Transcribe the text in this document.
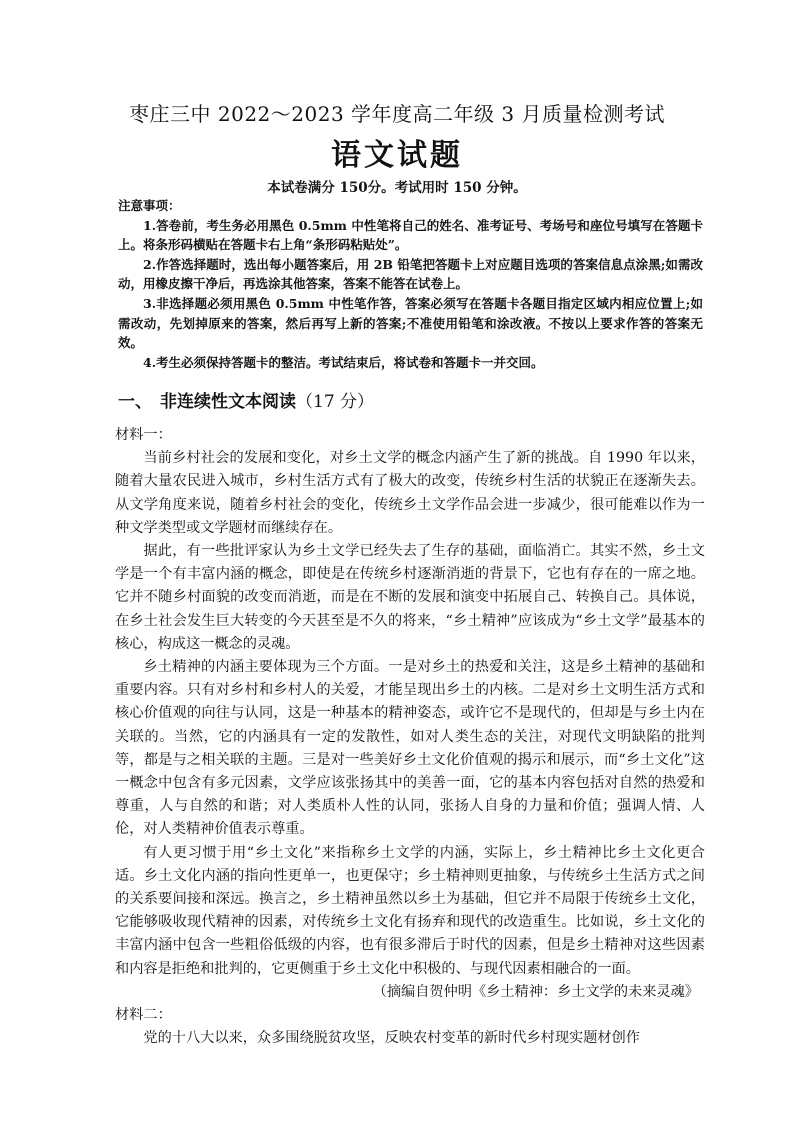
枣庄三中 2022～2023 学年度高二年级 3 月质量检测考试
语文试题
本试卷满分 150分。考试用时 150 分钟。

注意事项：

1.答卷前，考生务必用黑色 0.5mm 中性笔将自己的姓名、准考证号、考场号和座位号填写在答题卡上。将条形码横贴在答题卡右上角“条形码粘贴处”。

2.作答选择题时，选出每小题答案后，用 2B 铅笔把答题卡上对应题目选项的答案信息点涂黑;如需改动，用橡皮擦干净后，再选涂其他答案，答案不能答在试卷上。

3.非选择题必须用黑色 0.5mm 中性笔作答，答案必须写在答题卡各题目指定区域内相应位置上;如需改动，先划掉原来的答案，然后再写上新的答案;不准使用铅笔和涂改液。不按以上要求作答的答案无效。

4.考生必须保持答题卡的整洁。考试结束后，将试卷和答题卡一并交回。

一、 非连续性文本阅读（17 分）

材料一：

当前乡村社会的发展和变化，对乡土文学的概念内涵产生了新的挑战。自 1990 年以来，随着大量农民进入城市，乡村生活方式有了极大的改变，传统乡村生活的状貌正在逐渐失去。从文学角度来说，随着乡村社会的变化，传统乡土文学作品会进一步减少，很可能难以作为一种文学类型或文学题材而继续存在。

据此，有一些批评家认为乡土文学已经失去了生存的基础，面临消亡。其实不然，乡土文学是一个有丰富内涵的概念，即使是在传统乡村逐渐消逝的背景下，它也有存在的一席之地。它并不随乡村面貌的改变而消逝，而是在不断的发展和演变中拓展自己、转换自己。具体说，在乡土社会发生巨大转变的今天甚至是不久的将来，“乡土精神”应该成为“乡土文学”最基本的核心，构成这一概念的灵魂。

乡土精神的内涵主要体现为三个方面。一是对乡土的热爱和关注，这是乡土精神的基础和重要内容。只有对乡村和乡村人的关爱，才能呈现出乡土的内核。二是对乡土文明生活方式和核心价值观的向往与认同，这是一种基本的精神姿态，或许它不是现代的，但却是与乡土内在关联的。当然，它的内涵具有一定的发散性，如对人类生态的关注，对现代文明缺陷的批判等，都是与之相关联的主题。三是对一些美好乡土文化价值观的揭示和展示，而“乡土文化”这一概念中包含有多元因素，文学应该张扬其中的美善一面，它的基本内容包括对自然的热爱和尊重，人与自然的和谐；对人类质朴人性的认同，张扬人自身的力量和价值；强调人情、人伦，对人类精神价值表示尊重。

有人更习惯于用“乡土文化”来指称乡土文学的内涵，实际上，乡土精神比乡土文化更合适。乡土文化内涵的指向性更单一，也更保守；乡土精神则更抽象，与传统乡土生活方式之间的关系要间接和深远。换言之，乡土精神虽然以乡土为基础，但它并不局限于传统乡土文化，它能够吸收现代精神的因素，对传统乡土文化有扬弃和现代的改造重生。比如说，乡土文化的丰富内涵中包含一些粗俗低级的内容，也有很多滞后于时代的因素，但是乡土精神对这些因素和内容是拒绝和批判的，它更侧重于乡土文化中积极的、与现代因素相融合的一面。

（摘编自贺仲明《乡土精神：乡土文学的未来灵魂》

材料二：

党的十八大以来，众多围绕脱贫攻坚，反映农村变革的新时代乡村现实题材创作
